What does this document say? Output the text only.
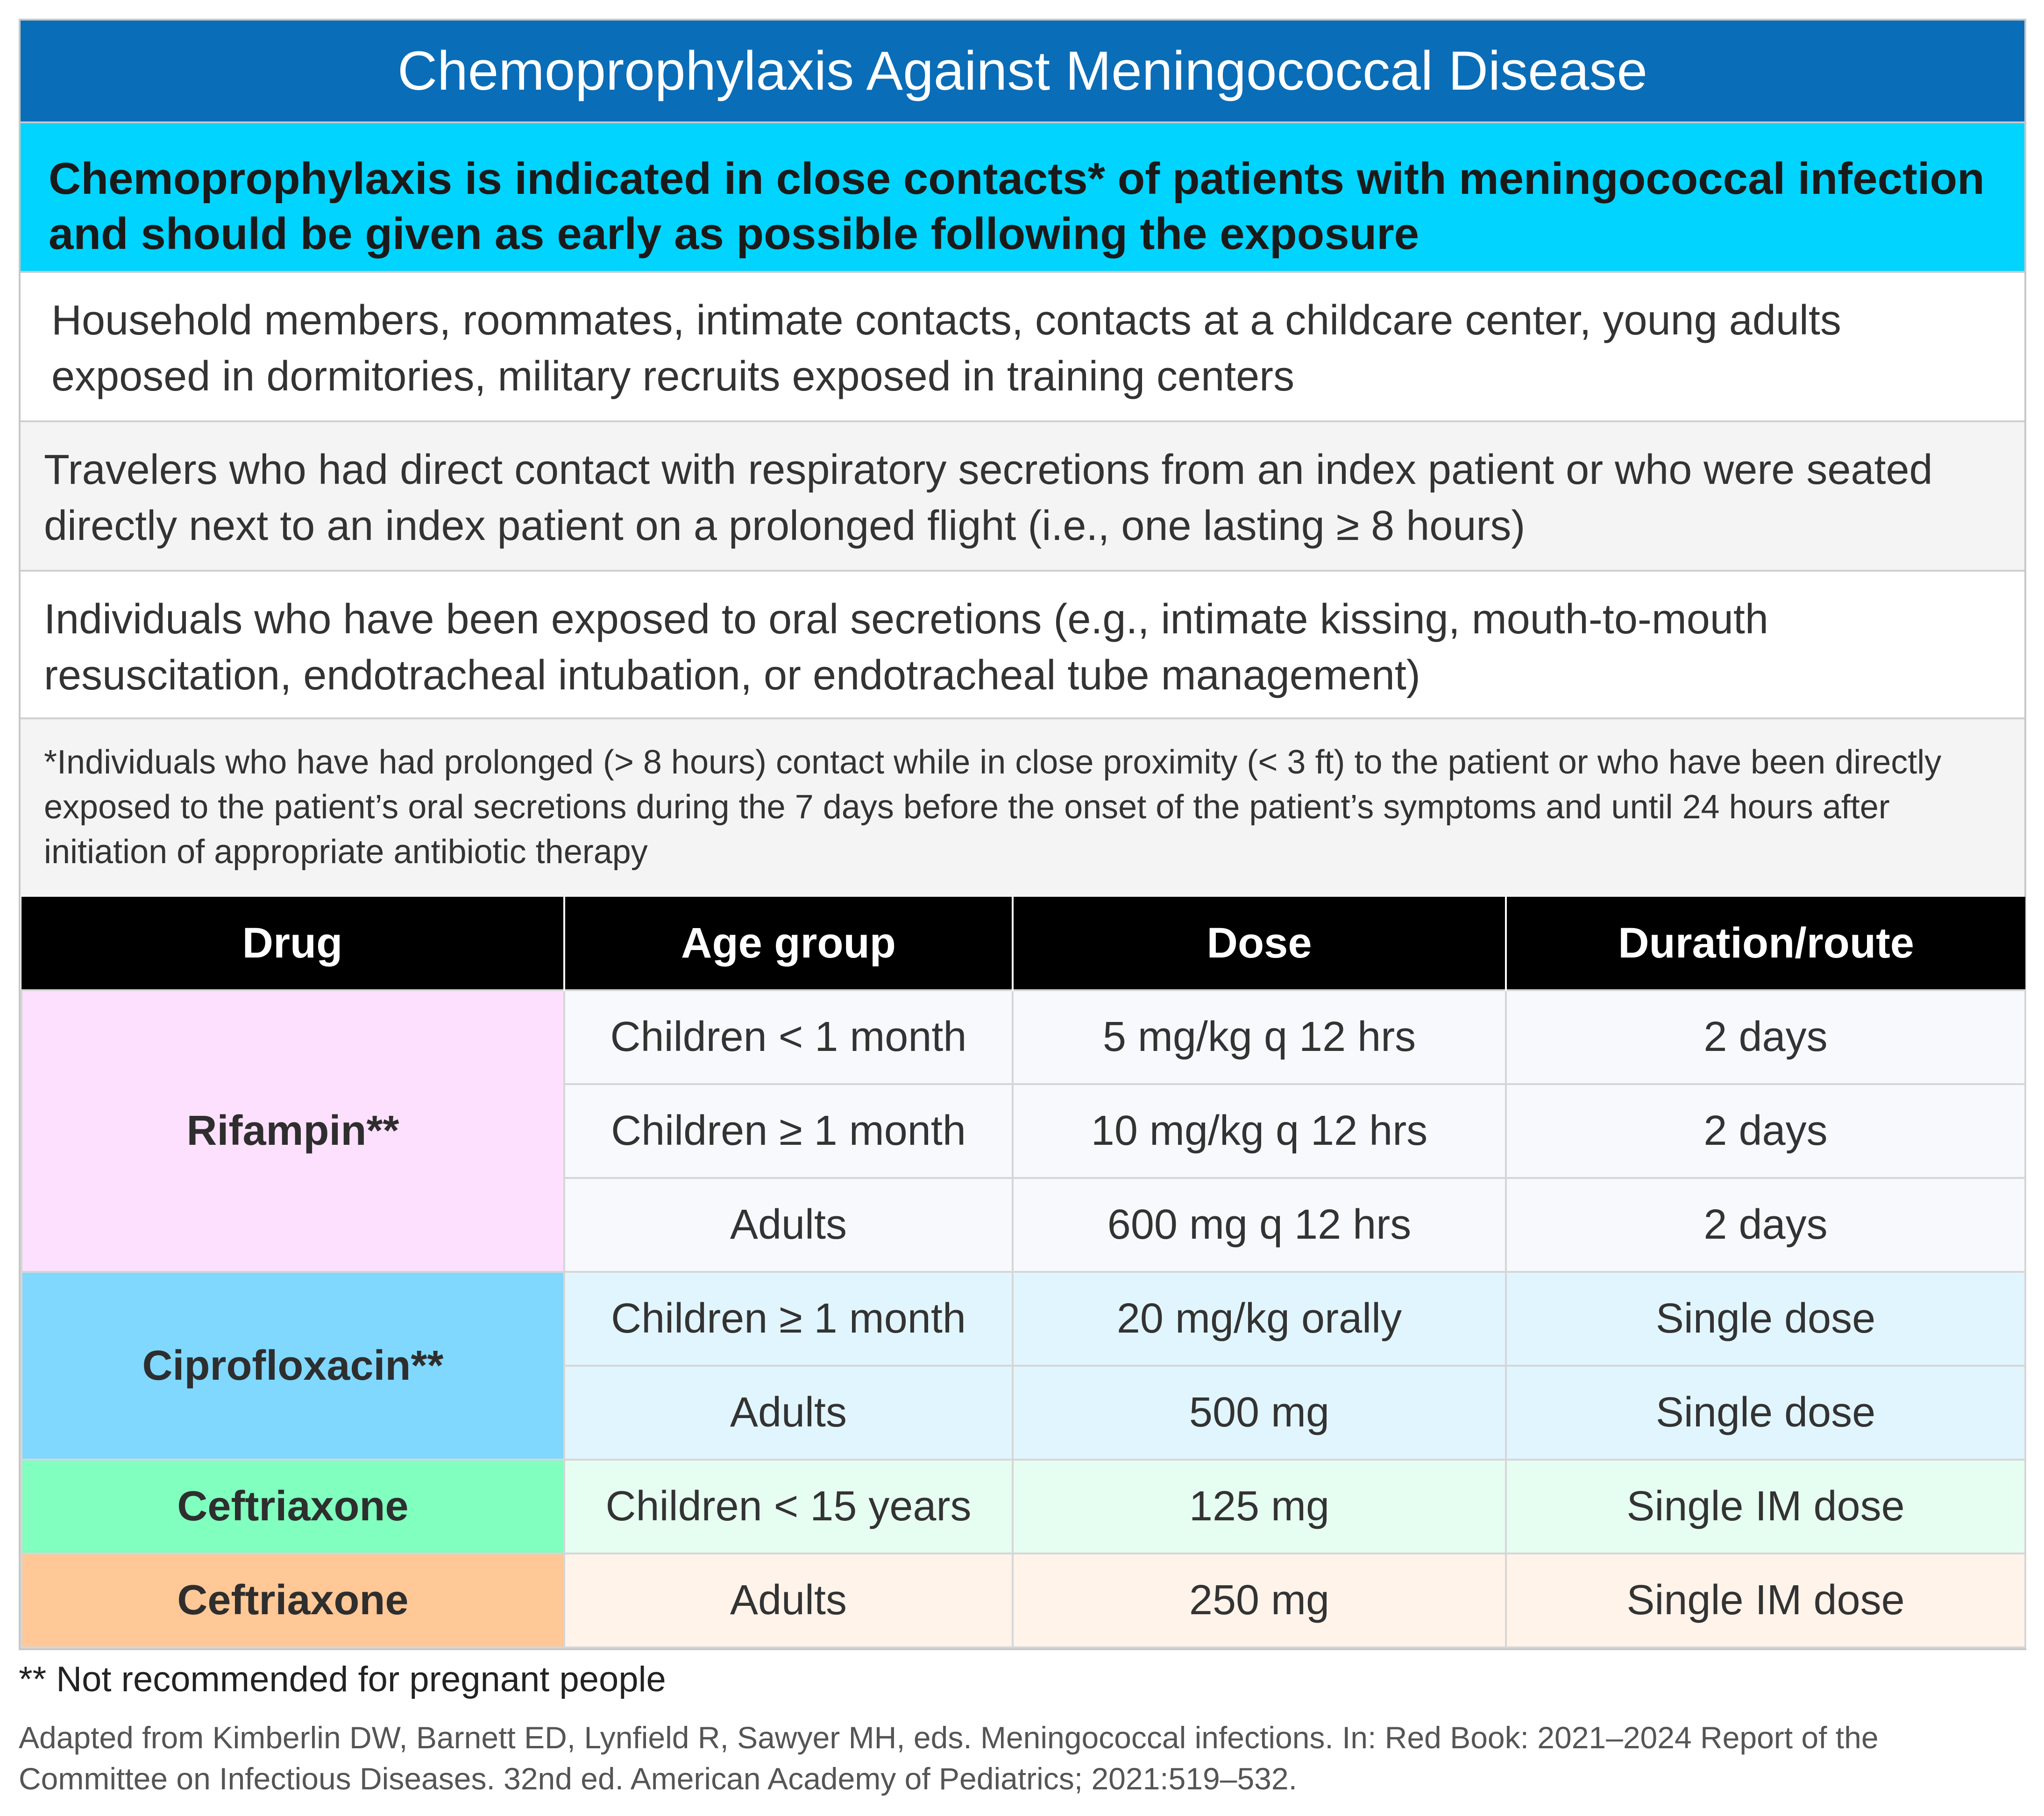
Chemoprophylaxis Against Meningococcal Disease
Chemoprophylaxis is indicated in close contacts* of patients with meningococcal infection and should be given as early as possible following the exposure
Household members, roommates, intimate contacts, contacts at a childcare center, young adults exposed in dormitories, military recruits exposed in training centers
Travelers who had direct contact with respiratory secretions from an index patient or who were seated directly next to an index patient on a prolonged flight (i.e., one lasting ≥ 8 hours)
Individuals who have been exposed to oral secretions (e.g., intimate kissing, mouth-to-mouth resuscitation, endotracheal intubation, or endotracheal tube management)
*Individuals who have had prolonged (> 8 hours) contact while in close proximity (< 3 ft) to the patient or who have been directly exposed to the patient’s oral secretions during the 7 days before the onset of the patient’s symptoms and until 24 hours after initiation of appropriate antibiotic therapy
Drug	Age group	Dose	Duration/route
Rifampin**	Children < 1 month	5 mg/kg q 12 hrs	2 days
	Children ≥ 1 month	10 mg/kg q 12 hrs	2 days
	Adults	600 mg q 12 hrs	2 days
Ciprofloxacin**	Children ≥ 1 month	20 mg/kg orally	Single dose
	Adults	500 mg	Single dose
Ceftriaxone	Children < 15 years	125 mg	Single IM dose
Ceftriaxone	Adults	250 mg	Single IM dose
** Not recommended for pregnant people
Adapted from Kimberlin DW, Barnett ED, Lynfield R, Sawyer MH, eds. Meningococcal infections. In: Red Book: 2021–2024 Report of the Committee on Infectious Diseases. 32nd ed. American Academy of Pediatrics; 2021:519–532.
